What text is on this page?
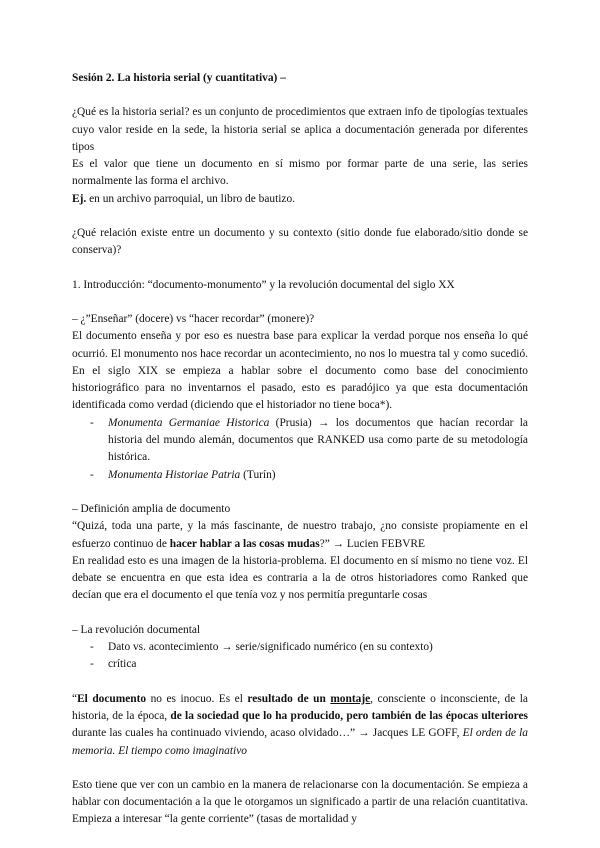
Sesión 2. La historia serial (y cuantitativa) –

¿Qué es la historia serial? es un conjunto de procedimientos que extraen info de tipologías textuales cuyo valor reside en la sede, la historia serial se aplica a documentación generada por diferentes tipos

Es el valor que tiene un documento en sí mismo por formar parte de una serie, las series normalmente las forma el archivo.

Ej. en un archivo parroquial, un libro de bautizo.

¿Qué relación existe entre un documento y su contexto (sitio donde fue elaborado/sitio donde se conserva)?

1. Introducción: “documento-monumento” y la revolución documental del siglo XX

– ¿”Enseñar” (docere) vs “hacer recordar” (monere)?

El documento enseña y por eso es nuestra base para explicar la verdad porque nos enseña lo qué ocurrió. El monumento nos hace recordar un acontecimiento, no nos lo muestra tal y como sucedió. En el siglo XIX se empieza a hablar sobre el documento como base del conocimiento historiográfico para no inventarnos el pasado, esto es paradójico ya que esta documentación identificada como verdad (diciendo que el historiador no tiene boca*).

- Monumenta Germaniae Historica (Prusia) → los documentos que hacían recordar la historia del mundo alemán, documentos que RANKED usa como parte de su metodología histórica.
- Monumenta Historiae Patria (Turín)

– Definición amplia de documento

“Quizá, toda una parte, y la más fascinante, de nuestro trabajo, ¿no consiste propiamente en el esfuerzo continuo de hacer hablar a las cosas mudas?” → Lucien FEBVRE

En realidad esto es una imagen de la historia-problema. El documento en sí mismo no tiene voz. El debate se encuentra en que esta idea es contraria a la de otros historiadores como Ranked que decían que era el documento el que tenía voz y nos permitía preguntarle cosas

– La revolución documental

- Dato vs. acontecimiento → serie/significado numérico (en su contexto)
- crítica

“El documento no es inocuo. Es el resultado de un montaje, consciente o inconsciente, de la historia, de la época, de la sociedad que lo ha producido, pero también de las épocas ulteriores durante las cuales ha continuado viviendo, acaso olvidado…” → Jacques LE GOFF, El orden de la memoria. El tiempo como imaginativo

Esto tiene que ver con un cambio en la manera de relacionarse con la documentación. Se empieza a hablar con documentación a la que le otorgamos un significado a partir de una relación cuantitativa. Empieza a interesar “la gente corriente” (tasas de mortalidad y
